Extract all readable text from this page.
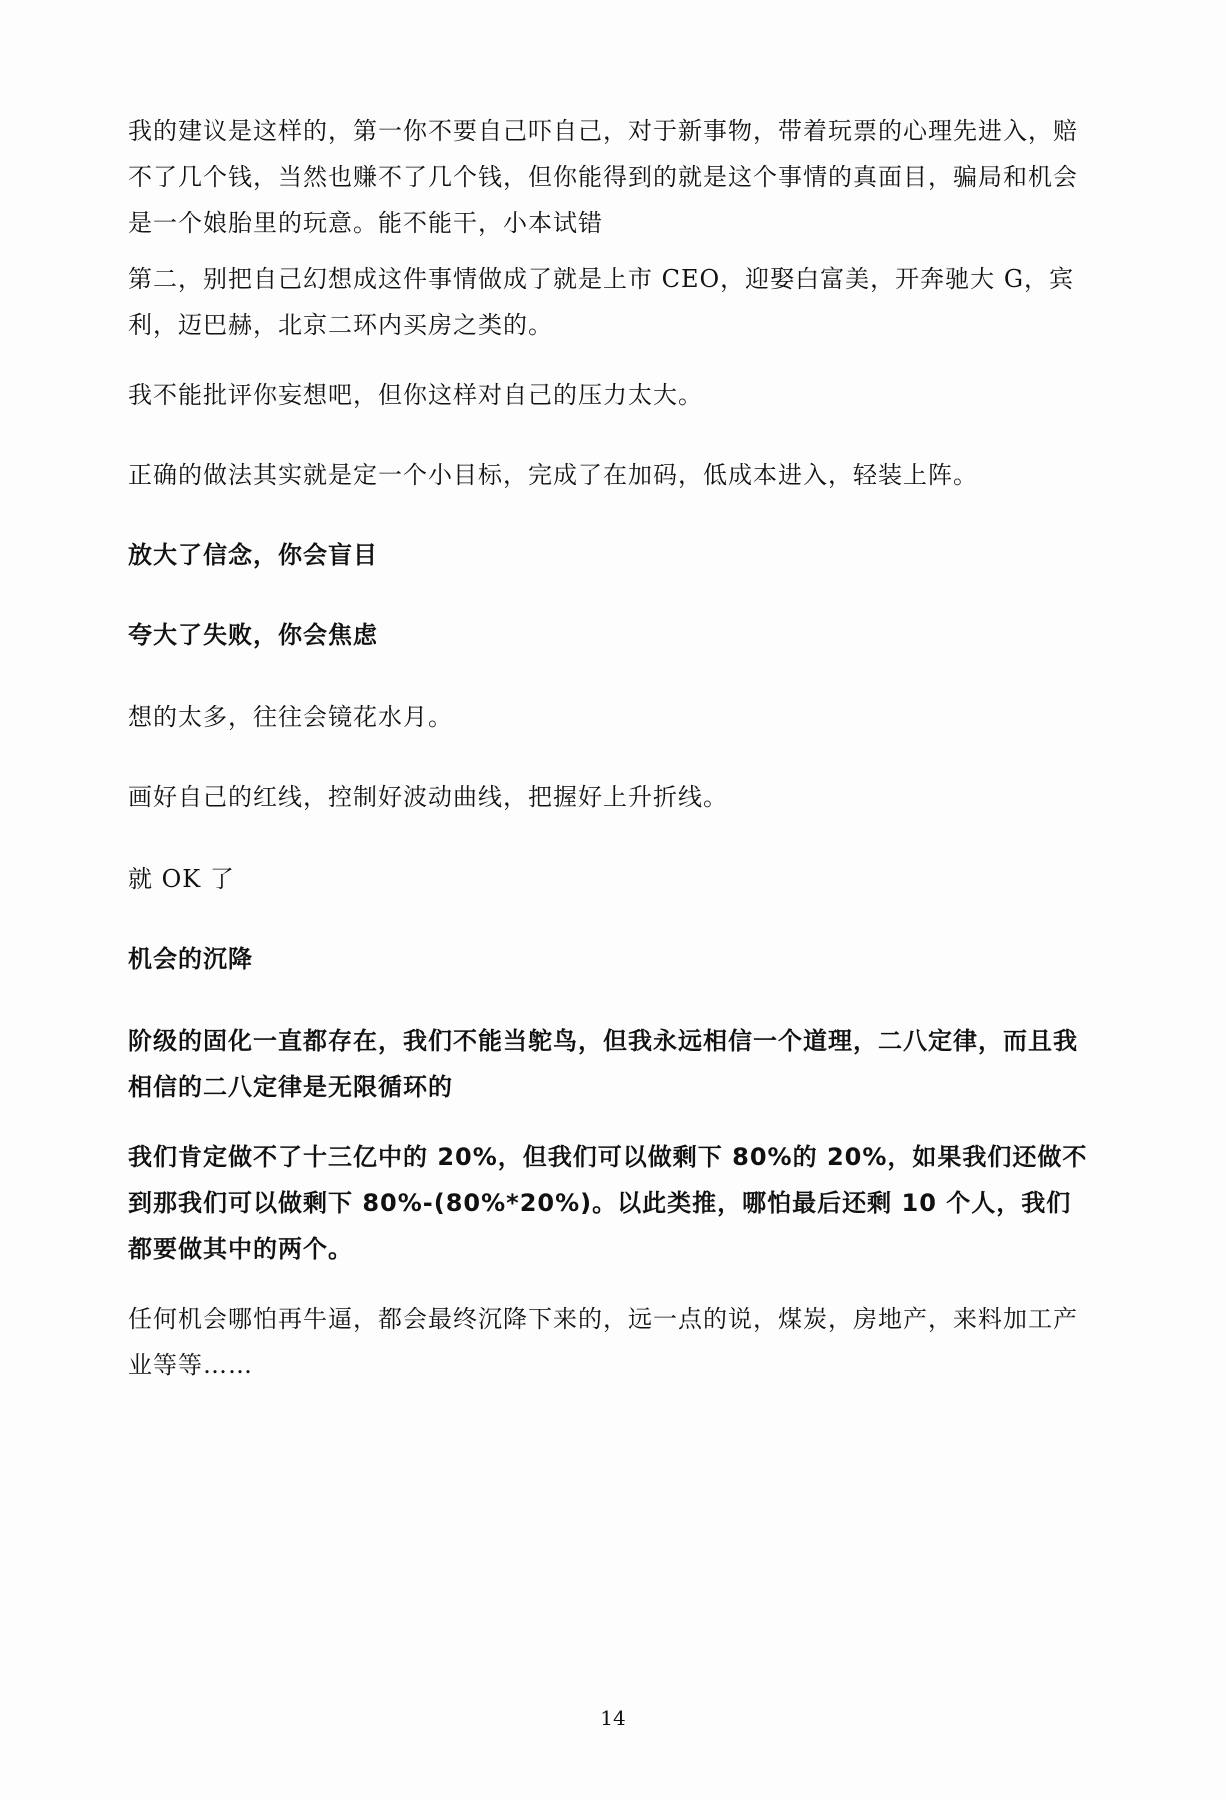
我的建议是这样的，第一你不要自己吓自己，对于新事物，带着玩票的心理先进入，赔不了几个钱，当然也赚不了几个钱，但你能得到的就是这个事情的真面目，骗局和机会是一个娘胎里的玩意。能不能干，小本试错

第二，别把自己幻想成这件事情做成了就是上市 CEO，迎娶白富美，开奔驰大 G，宾利，迈巴赫，北京二环内买房之类的。

我不能批评你妄想吧，但你这样对自己的压力太大。

正确的做法其实就是定一个小目标，完成了在加码，低成本进入，轻装上阵。

放大了信念，你会盲目

夸大了失败，你会焦虑

想的太多，往往会镜花水月。

画好自己的红线，控制好波动曲线，把握好上升折线。

就 OK 了

机会的沉降

阶级的固化一直都存在，我们不能当鸵鸟，但我永远相信一个道理，二八定律，而且我相信的二八定律是无限循环的

我们肯定做不了十三亿中的 20%，但我们可以做剩下 80%的 20%，如果我们还做不到那我们可以做剩下 80%-(80%*20%)。以此类推，哪怕最后还剩 10 个人，我们都要做其中的两个。

任何机会哪怕再牛逼，都会最终沉降下来的，远一点的说，煤炭，房地产，来料加工产业等等……

14
